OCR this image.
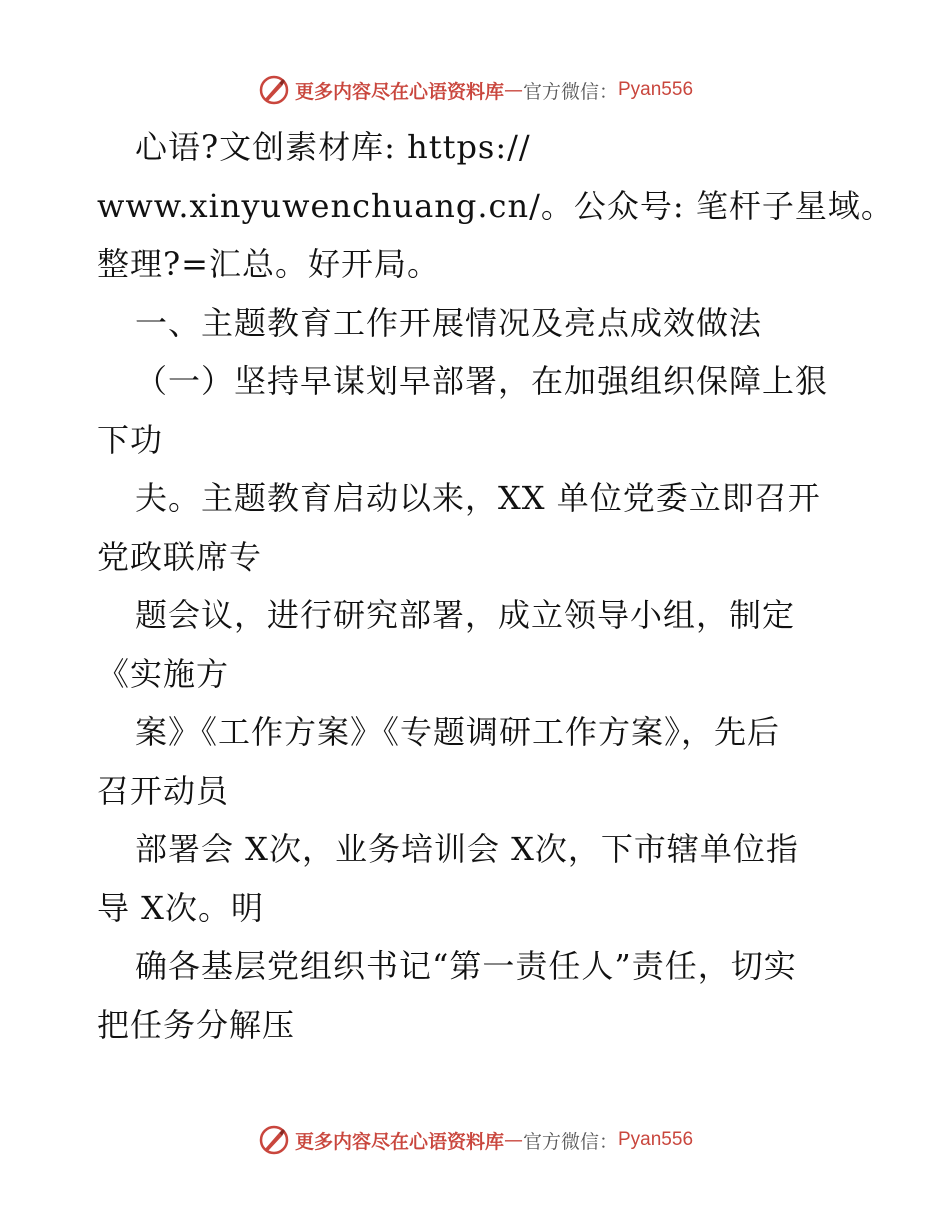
更多内容尽在心语资料库 — 官方微信： Pyan556
心语?文创素材库: https://
www.xinyuwenchuang.cn/。公众号: 笔杆子星域。
整理?=汇总。好开局。
一、主题教育工作开展情况及亮点成效做法
（一）坚持早谋划早部署，在加强组织保障上狠
下功
夫。主题教育启动以来，XX 单位党委立即召开
党政联席专
题会议，进行研究部署，成立领导小组，制定
《实施方
案》《工作方案》《专题调研工作方案》，先后
召开动员
部署会 X次，业务培训会 X次，下市辖单位指
导 X次。明
确各基层党组织书记“第一责任人”责任，切实
把任务分解压
更多内容尽在心语资料库 — 官方微信： Pyan556
